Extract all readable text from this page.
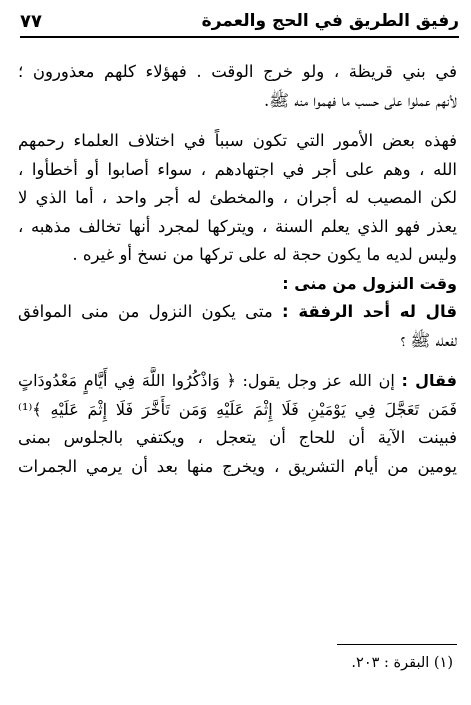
رفيق الطريق في الحج والعمرة
٧٧
في بني قريظة ، ولو خرج الوقت . فهؤلاء كلهم معذورون ؛
لأنهم عملوا على حسب ما فهموا منه ﷺ.
فهذه بعض الأمور التي تكون سبباً في اختلاف العلماء رحمهم
الله ، وهم على أجر في اجتهادهم ، سواء أصابوا أو أخطأوا ،
لكن المصيب له أجران ، والمخطئ له أجر واحد ، أما الذي لا
يعذر فهو الذي يعلم السنة ، ويتركها لمجرد أنها تخالف مذهبه ،
وليس لديه ما يكون حجة له على تركها من نسخ أو غيره .
وقت النزول من منى :
قال له أحد الرفقة : متى يكون النزول من منى الموافق
لفعله ﷺ ؟
فقال : إن الله عز وجل يقول: ﴿ وَاذْكُرُوا اللَّهَ فِي أَيَّامٍ مَعْدُودَاتٍ
فَمَن تَعَجَّلَ فِي يَوْمَيْنِ فَلَا إِثْمَ عَلَيْهِ وَمَن تَأَخَّرَ فَلَا إِثْمَ عَلَيْهِ ﴾⁽¹⁾
فبينت الآية أن للحاج أن يتعجل ، ويكتفي بالجلوس بمنى
يومين من أيام التشريق ، ويخرج منها بعد أن يرمي الجمرات
(١) البقرة : ٢٠٣.
